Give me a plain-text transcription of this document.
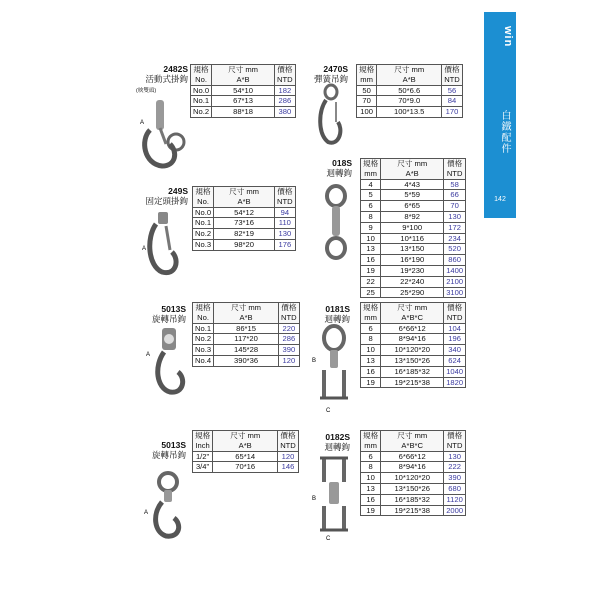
win
白鐵配件
142
2482S
活動式掛鉤
(映雙頭)
A
規格
No.	尺寸 mm
A*B	價格
NTD
No.0	54*10	182
No.1	67*13	286
No.2	88*18	380
2470S
彈簧吊鉤
規格
mm	尺寸 mm
A*B	價格
NTD
50	50*6.6	56
70	70*9.0	84
100	100*13.5	170
249S
固定頭掛鉤
A
規格
No.	尺寸 mm
A*B	價格
NTD
No.0	54*12	94
No.1	73*16	110
No.2	82*19	130
No.3	98*20	176
018S
迴轉鉤
規格
mm	尺寸 mm
A*B	價格
NTD
4	4*43	58
5	5*59	66
6	6*65	70
8	8*92	130
9	9*100	172
10	10*116	234
13	13*150	520
16	16*190	860
19	19*230	1400
22	22*240	2100
25	25*290	3100
5013S
旋轉吊鉤
A
規格
No.	尺寸 mm
A*B	價格
NTD
No.1	86*15	220
No.2	117*20	286
No.3	145*28	390
No.4	390*36	120
0181S
迴轉鉤
B
C
規格
mm	尺寸 mm
A*B*C	價格
NTD
6	6*66*12	104
8	8*94*16	196
10	10*120*20	340
13	13*150*26	624
16	16*185*32	1040
19	19*215*38	1820
5013S
旋轉吊鉤
A
規格
Inch	尺寸 mm
A*B	價格
NTD
1/2"	65*14	120
3/4"	70*16	146
0182S
迴轉鉤
B
C
規格
mm	尺寸 mm
A*B*C	價格
NTD
6	6*66*12	130
8	8*94*16	222
10	10*120*20	390
13	13*150*26	680
16	16*185*32	1120
19	19*215*38	2000
